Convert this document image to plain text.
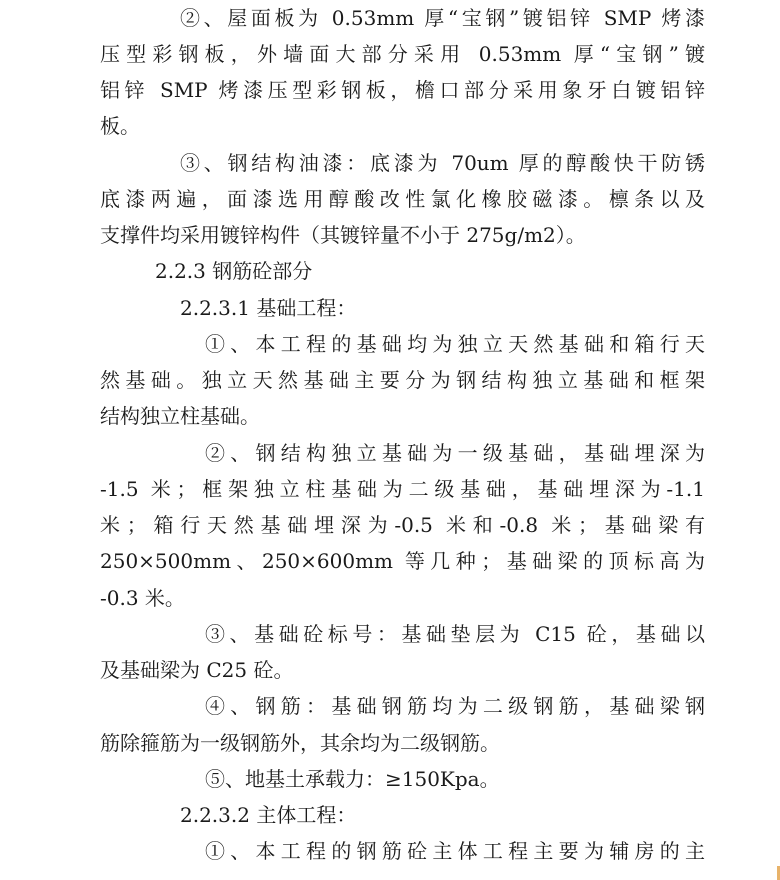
②、屋面板为 0.53mm 厚“宝钢”镀铝锌 SMP 烤漆
压型彩钢板，外墙面大部分采用 0.53mm 厚“宝钢”镀
铝锌 SMP 烤漆压型彩钢板，檐口部分采用象牙白镀铝锌
板。
③、钢结构油漆：底漆为 70um 厚的醇酸快干防锈
底漆两遍，面漆选用醇酸改性氯化橡胶磁漆。檩条以及
支撑件均采用镀锌构件（其镀锌量不小于 275g/m2）。
2.2.3 钢筋砼部分
2.2.3.1 基础工程：
①、本工程的基础均为独立天然基础和箱行天
然基础。独立天然基础主要分为钢结构独立基础和框架
结构独立柱基础。
②、钢结构独立基础为一级基础，基础埋深为
-1.5 米；框架独立柱基础为二级基础，基础埋深为-1.1
米；箱行天然基础埋深为-0.5 米和-0.8 米；基础梁有
250×500mm、250×600mm 等几种；基础梁的顶标高为
-0.3 米。
③、基础砼标号：基础垫层为 C15 砼，基础以
及基础梁为 C25 砼。
④、钢筋：基础钢筋均为二级钢筋，基础梁钢
筋除箍筋为一级钢筋外，其余均为二级钢筋。
⑤、地基土承载力：≥150Kpa。
2.2.3.2 主体工程：
①、本工程的钢筋砼主体工程主要为辅房的主
